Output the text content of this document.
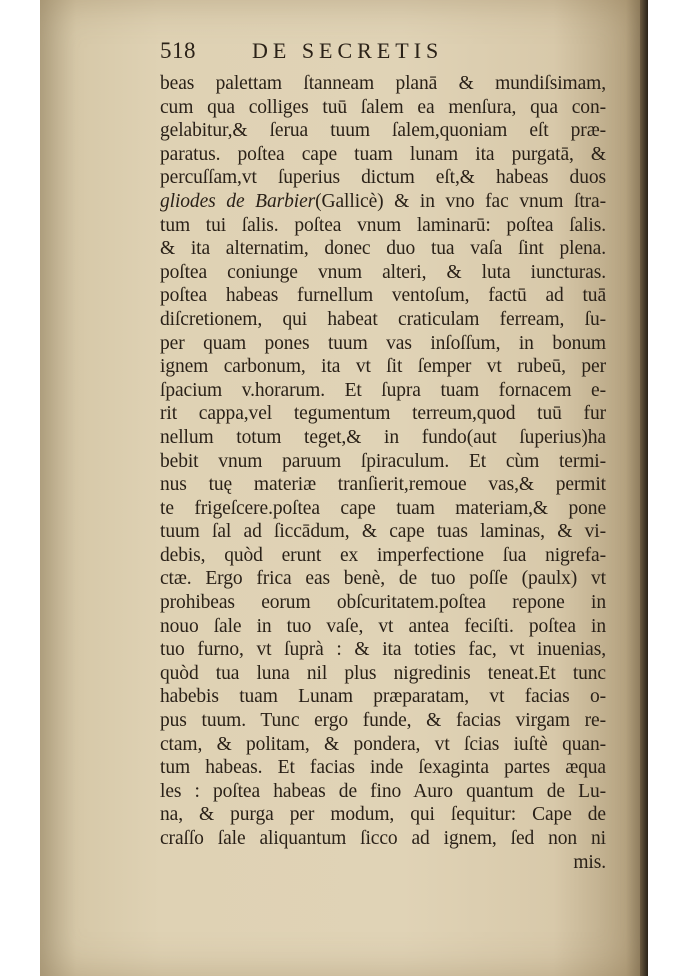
518	DE SECRETIS
beas palettam ſtanneam planā & mundiſsimam,
cum qua colliges tuū ſalem ea menſura, qua con-
gelabitur,& ſerua tuum ſalem,quoniam eſt præ-
paratus. poſtea cape tuam lunam ita purgatā, &
percuſſam,vt ſuperius dictum eſt,& habeas duos
gliodes de Barbier(Gallicè) & in vno fac vnum ſtra-
tum tui ſalis. poſtea vnum laminarū: poſtea ſalis.
& ita alternatim, donec duo tua vaſa ſint plena.
poſtea coniunge vnum alteri, & luta iuncturas.
poſtea habeas furnellum ventoſum, factū ad tuā
diſcretionem, qui habeat craticulam ferream, ſu-
per quam pones tuum vas inſoſſum, in bonum
ignem carbonum, ita vt ſit ſemper vt rubeū, per
ſpacium v.horarum. Et ſupra tuam fornacem e-
rit cappa,vel tegumentum terreum,quod tuū fur
nellum totum teget,& in fundo(aut ſuperius)ha
bebit vnum paruum ſpiraculum. Et cùm termi-
nus tuę materiæ tranſierit,remoue vas,& permit
te frigeſcere.poſtea cape tuam materiam,& pone
tuum ſal ad ſiccādum, & cape tuas laminas, & vi-
debis, quòd erunt ex imperfectione ſua nigrefa-
ctæ. Ergo frica eas benè, de tuo poſſe (paulx) vt
prohibeas eorum obſcuritatem.poſtea repone in
nouo ſale in tuo vaſe, vt antea feciſti. poſtea in
tuo furno, vt ſuprà : & ita toties fac, vt inuenias,
quòd tua luna nil plus nigredinis teneat.Et tunc
habebis tuam Lunam præparatam, vt facias o-
pus tuum. Tunc ergo funde, & facias virgam re-
ctam, & politam, & pondera, vt ſcias iuſtè quan-
tum habeas. Et facias inde ſexaginta partes æqua
les : poſtea habeas de fino Auro quantum de Lu-
na, & purga per modum, qui ſequitur: Cape de
craſſo ſale aliquantum ſicco ad ignem, ſed non ni
mis.
